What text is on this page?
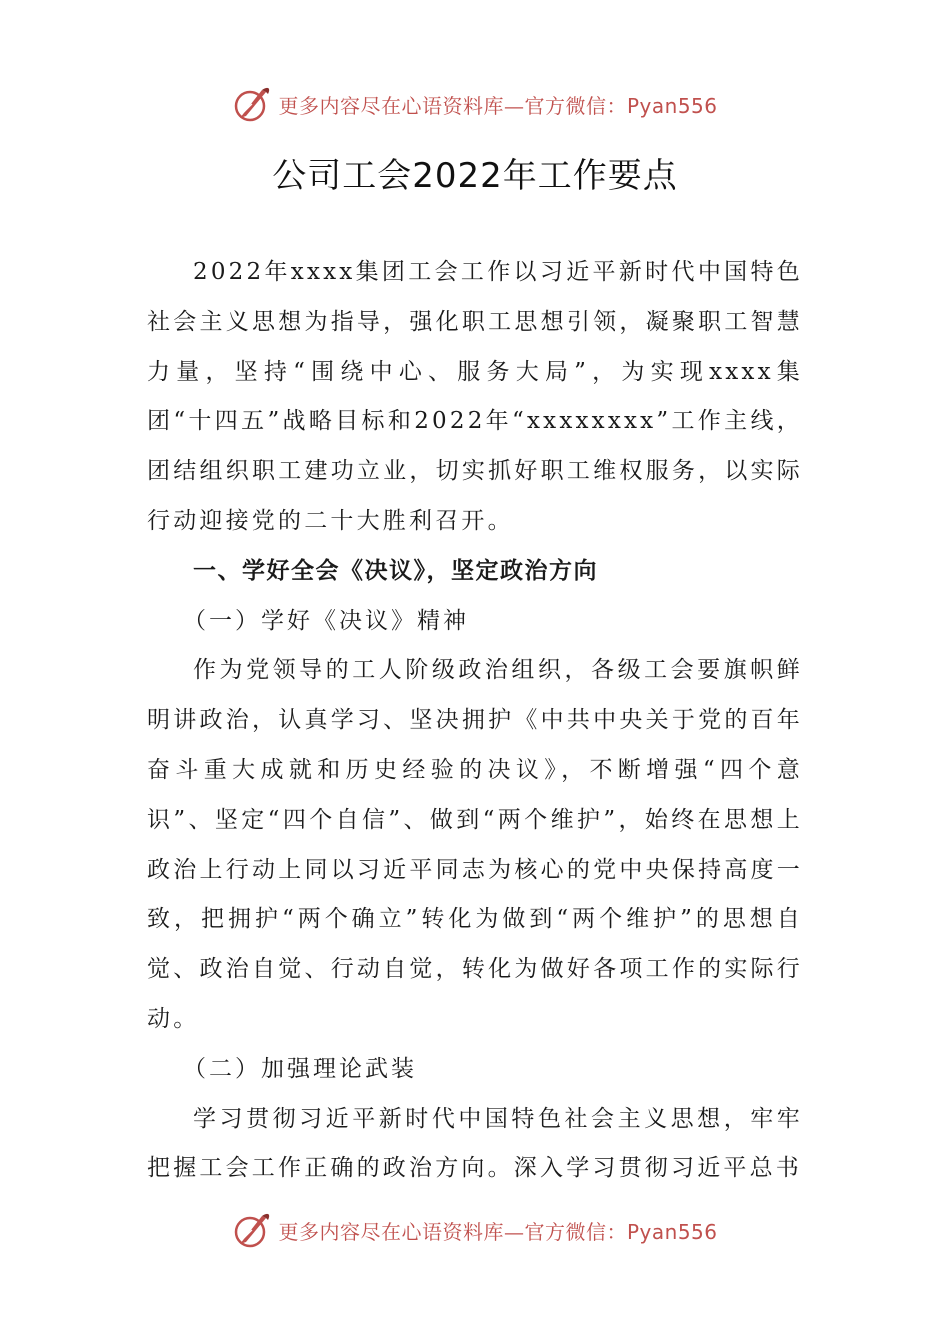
更多内容尽在心语资料库—官方微信：Pyan556
公司工会2022年工作要点

2022年xxxx集团工会工作以习近平新时代中国特色社会主义思想为指导，强化职工思想引领，凝聚职工智慧力量，坚持“围绕中心、服务大局”，为实现xxxx集团“十四五”战略目标和2022年“xxxxxxxx”工作主线，团结组织职工建功立业，切实抓好职工维权服务，以实际行动迎接党的二十大胜利召开。

一、学好全会《决议》，坚定政治方向

（一）学好《决议》精神

作为党领导的工人阶级政治组织，各级工会要旗帜鲜明讲政治，认真学习、坚决拥护《中共中央关于党的百年奋斗重大成就和历史经验的决议》，不断增强“四个意识”、坚定“四个自信”、做到“两个维护”，始终在思想上政治上行动上同以习近平同志为核心的党中央保持高度一致，把拥护“两个确立”转化为做到“两个维护”的思想自觉、政治自觉、行动自觉，转化为做好各项工作的实际行动。

（二）加强理论武装

学习贯彻习近平新时代中国特色社会主义思想，牢牢把握工会工作正确的政治方向。深入学习贯彻习近平总书

更多内容尽在心语资料库—官方微信：Pyan556
